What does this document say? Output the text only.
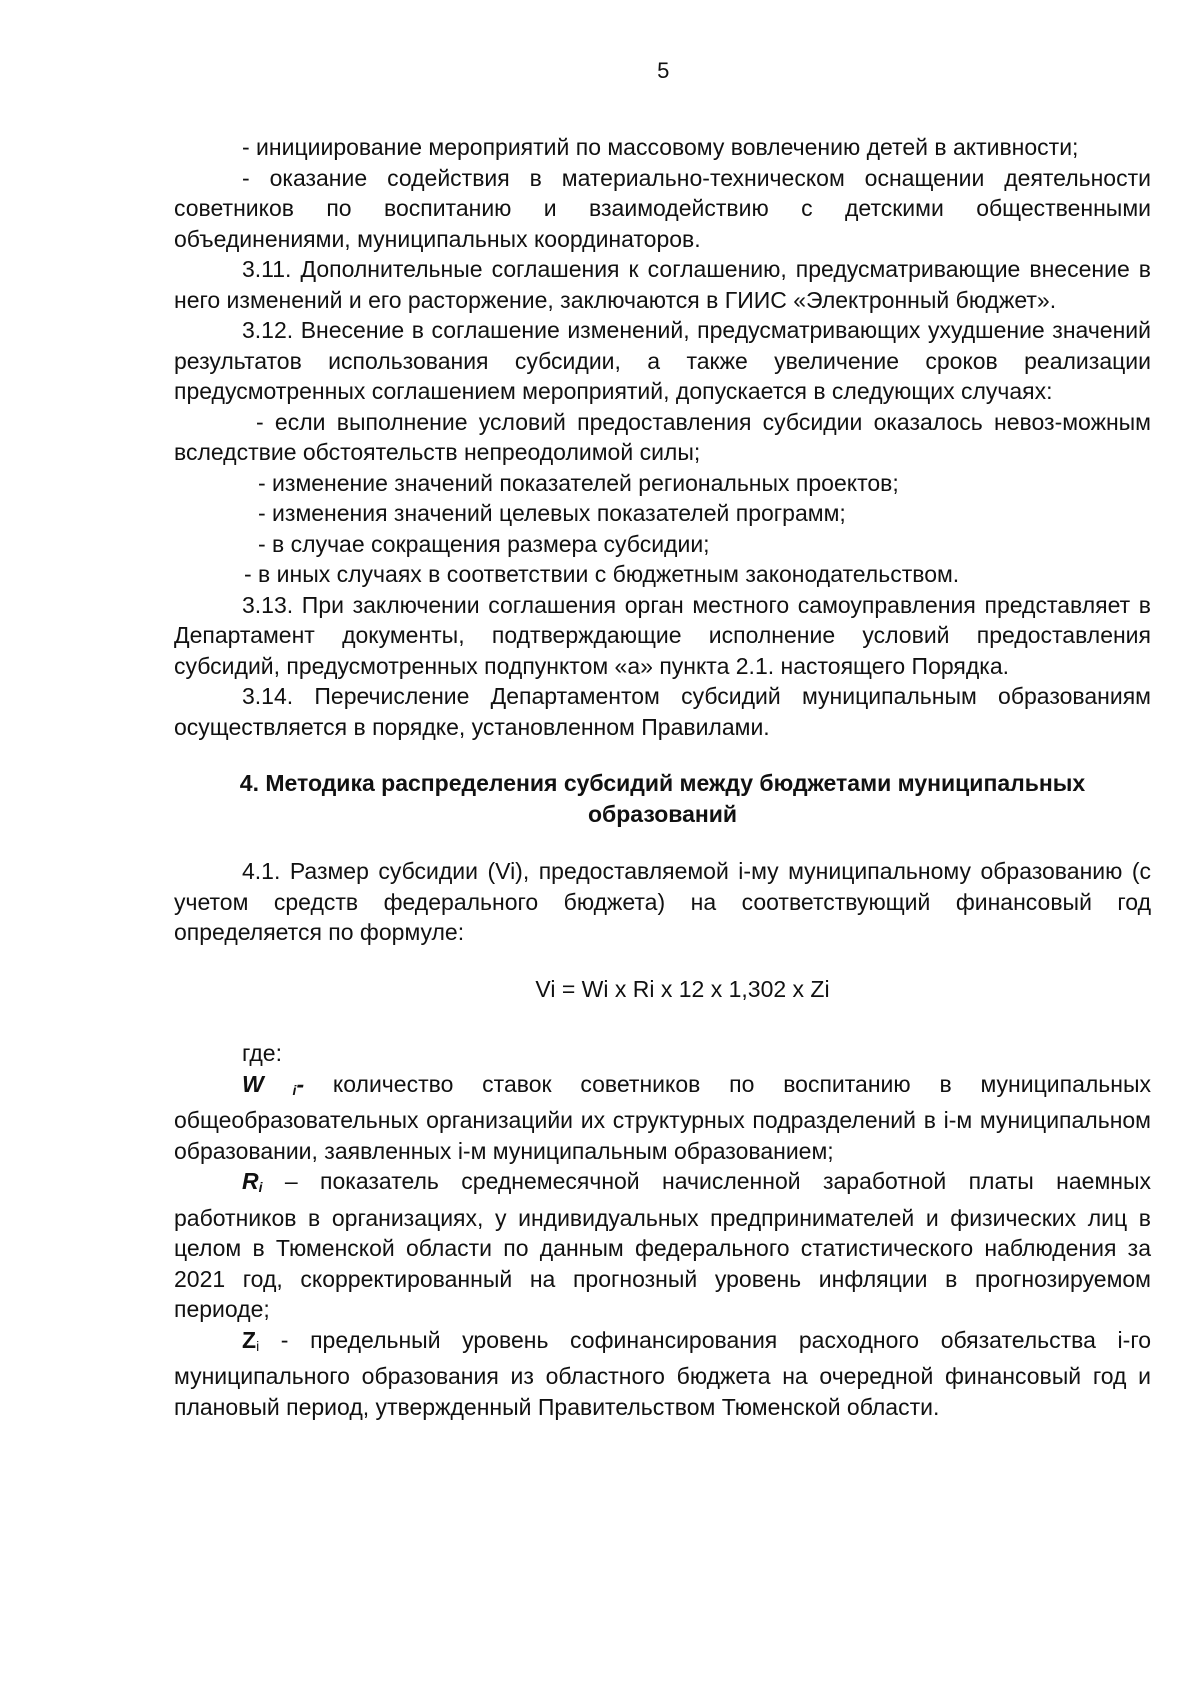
5

- инициирование мероприятий по массовому вовлечению детей в активности;

- оказание содействия в материально-техническом оснащении деятельности советников по воспитанию и взаимодействию с детскими общественными объединениями, муниципальных координаторов.

3.11. Дополнительные соглашения к соглашению, предусматривающие внесение в него изменений и его расторжение, заключаются в ГИИС «Электронный бюджет».

3.12. Внесение в соглашение изменений, предусматривающих ухудшение значений результатов использования субсидии, а также увеличение сроков реализации предусмотренных соглашением мероприятий, допускается в следующих случаях:

- если выполнение условий предоставления субсидии оказалось невоз-можным вследствие обстоятельств непреодолимой силы;

- изменение значений показателей региональных проектов;

- изменения значений целевых показателей программ;

- в случае сокращения размера субсидии;

- в иных случаях в соответствии с бюджетным законодательством.

3.13. При заключении соглашения орган местного самоуправления представляет в Департамент документы, подтверждающие исполнение условий предоставления субсидий, предусмотренных подпунктом «а» пункта 2.1. настоящего Порядка.

3.14. Перечисление Департаментом субсидий муниципальным образованиям осуществляется в порядке, установленном Правилами.

4. Методика распределения субсидий между бюджетами муниципальных
образований

4.1. Размер субсидии (Vi), предоставляемой i-му муниципальному образованию (с учетом средств федерального бюджета) на соответствующий финансовый год определяется по формуле:

Vi = Wi x Ri x 12 x 1,302 x Zi

где:

W $_i$- количество ставок советников по воспитанию в муниципальных общеобразовательных организацийи их структурных подразделений в i-м муниципальном образовании, заявленных i-м муниципальным образованием;

$R_i$ – показатель среднемесячной начисленной заработной платы наемных работников в организациях, у индивидуальных предпринимателей и физических лиц в целом в Тюменской области по данным федерального статистического наблюдения за 2021 год, скорректированный на прогнозный уровень инфляции в прогнозируемом периоде;

$Z_i$ - предельный уровень софинансирования расходного обязательства i-го муниципального образования из областного бюджета на очередной финансовый год и плановый период, утвержденный Правительством Тюменской области.
